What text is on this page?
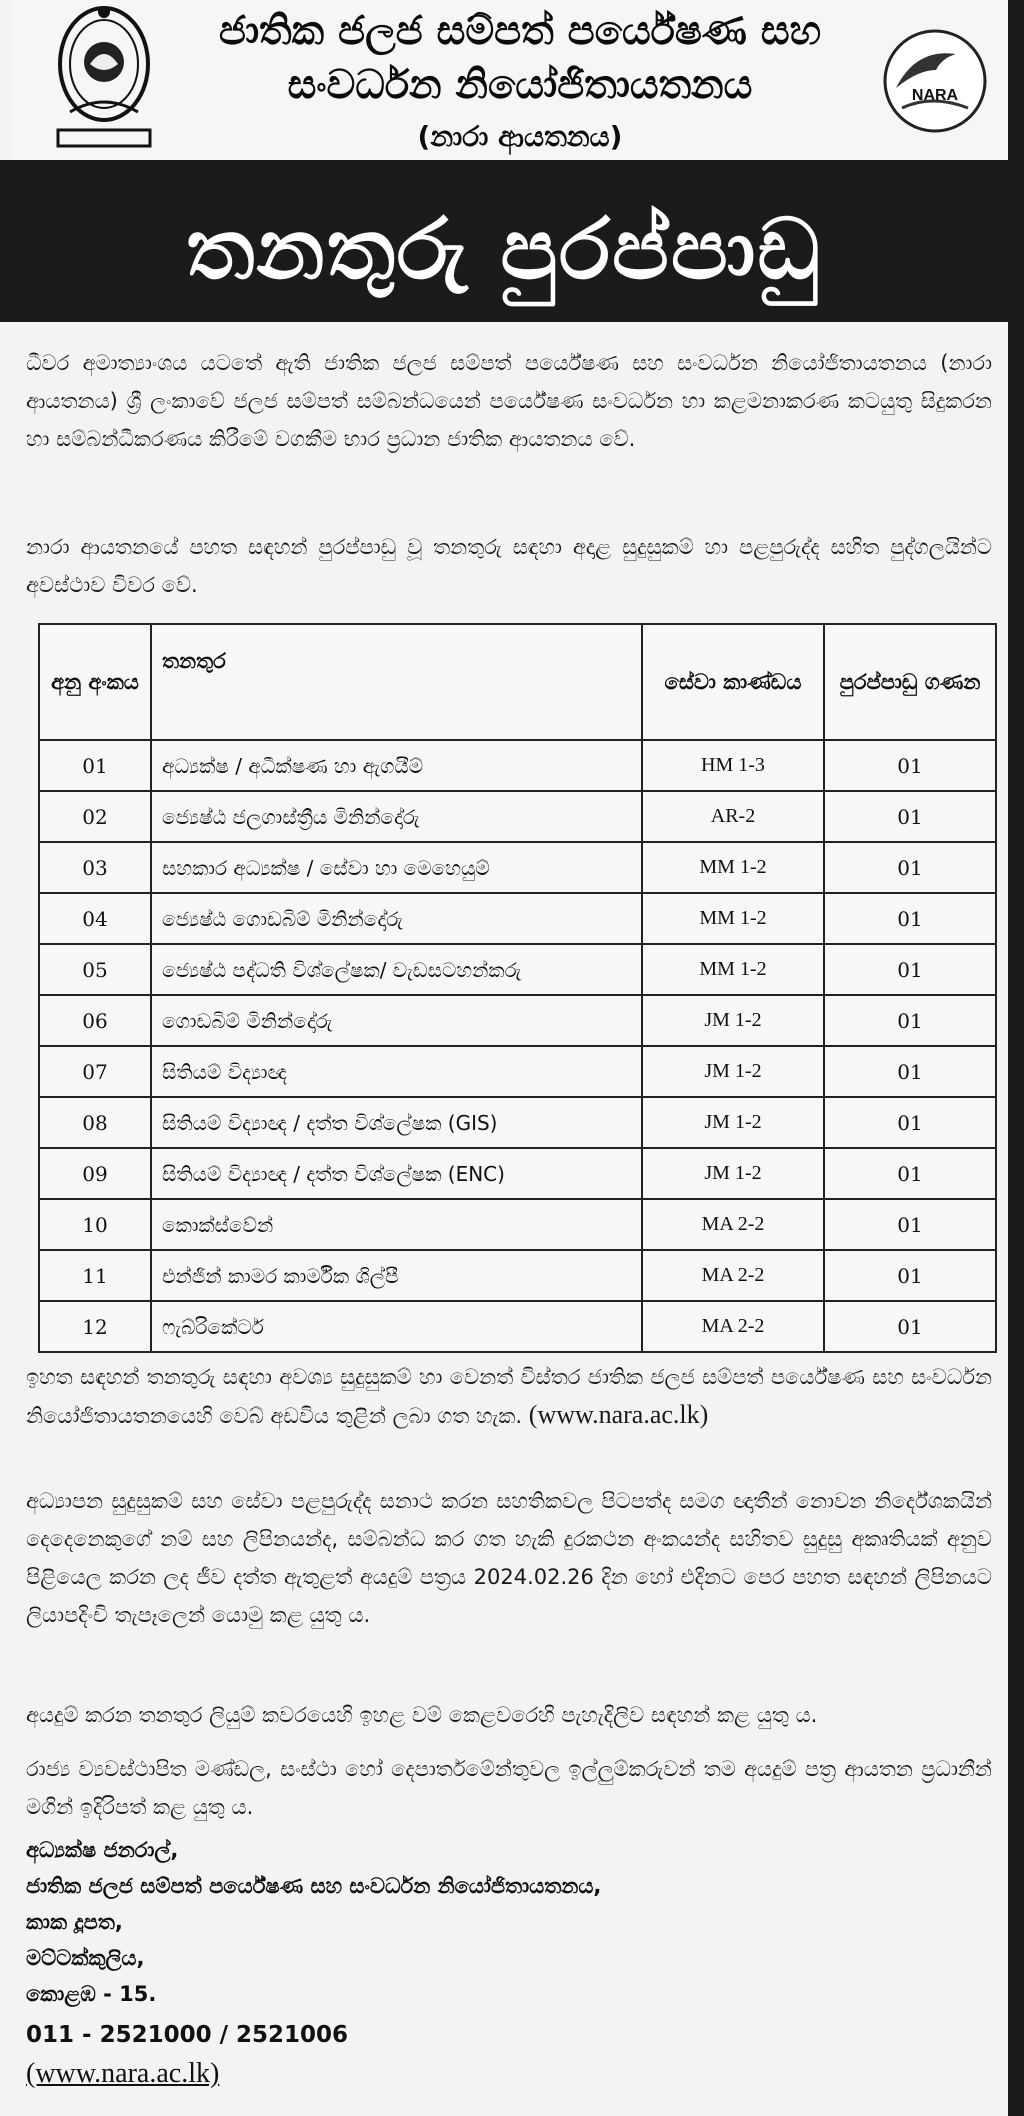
ජාතික ජලජ සම්පත් පර්යේෂණ සහ
සංවර්ධන නියෝජිතායතනය
(නාරා ආයතනය)
NARA
තනතුරු පුරප්පාඩු
ධීවර අමාත්‍යාංශය යටතේ ඇති ජාතික ජලජ සම්පත් පර්යේෂණ සහ සංවර්ධන නියෝජිතායතනය (නාරා ආයතනය) ශ්‍රී ලංකාවේ ජලජ සම්පත් සම්බන්ධයෙන් පර්යේෂණ සංවර්ධන හා කළමනාකරණ කටයුතු සිදුකරන හා සම්බන්ධීකරණය කිරීමේ වගකීම භාර ප්‍රධාන ජාතික ආයතනය වේ.
නාරා ආයතනයේ පහත සඳහන් පුරප්පාඩු වූ තනතුරු සඳහා අදාළ සුදුසුකම් හා පළපුරුද්ද සහිත පුද්ගලයින්ට අවස්ථාව විවර වේ.
අනු අංකය	තනතුර	සේවා කාණ්ඩය	පුරප්පාඩු ගණන
01	අධ්‍යක්ෂ / අධීක්ෂණ හා ඇගයීම්	HM 1-3	01
02	ජ්‍යෙෂ්ඨ ජලගාස්ත්‍රීය මිනින්දෝරු	AR-2	01
03	සහකාර අධ්‍යක්ෂ / සේවා හා මෙහෙයුම්	MM 1-2	01
04	ජ්‍යෙෂ්ඨ ගොඩබිම් මිනින්දෝරු	MM 1-2	01
05	ජ්‍යෙෂ්ඨ පද්ධති විශ්ලේෂක/ වැඩසටහන්කරු	MM 1-2	01
06	ගොඩබිම් මිනින්දෝරු	JM 1-2	01
07	සිතියම් විද්‍යාඥ	JM 1-2	01
08	සිතියම් විද්‍යාඥ / දත්ත විශ්ලේෂක (GIS)	JM 1-2	01
09	සිතියම් විද්‍යාඥ / දත්ත විශ්ලේෂක (ENC)	JM 1-2	01
10	කොක්ස්වේන්	MA 2-2	01
11	එන්ජින් කාමර කාර්මික ශිල්පී	MA 2-2	01
12	ෆැබ්රිකේටර්	MA 2-2	01
ඉහත සඳහන් තනතුරු සඳහා අවශ්‍ය සුදුසුකම් හා වෙනත් විස්තර ජාතික ජලජ සම්පත් පර්යේෂණ සහ සංවර්ධන නියෝජිතායතනයෙහි වෙබ් අඩවිය තුළින් ලබා ගත හැක. (www.nara.ac.lk)
අධ්‍යාපන සුදුසුකම් සහ සේවා පළපුරුද්ද සනාථ කරන සහතිකවල පිටපත්ද සමග ඥාතීන් නොවන නිර්දේශකයින් දෙදෙනෙකුගේ නම් සහ ලිපිනයන්ද, සම්බන්ධ කර ගත හැකි දුරකථන අංකයන්ද සහිතව සුදුසු අකෘතියක් අනුව පිළියෙල කරන ලද ජීව දත්ත ඇතුළත් අයදුම් පත්‍රය 2024.02.26 දින හෝ එදිනට පෙර පහත සඳහන් ලිපිනයට ලියාපදිංචි තැපෑලෙන් යොමු කළ යුතු ය.
අයදුම් කරන තනතුර ලියුම් කවරයෙහි ඉහළ වම් කෙළවරෙහි පැහැදිලිව සඳහන් කළ යුතු ය.
රාජ්‍ය ව්‍යවස්ථාපිත මණ්ඩල, සංස්ථා හෝ දෙපාර්තමේන්තුවල ඉල්ලුම්කරුවන් තම අයදුම් පත්‍ර ආයතන ප්‍රධානීන් මගින් ඉදිරිපත් කළ යුතු ය.
අධ්‍යක්ෂ ජනරාල්,
ජාතික ජලජ සම්පත් පර්යේෂණ සහ සංවර්ධන නියෝජිතායතනය,
කාක දූපත,
මට්ටක්කුලිය,
කොළඹ - 15.
011 - 2521000 / 2521006
(www.nara.ac.lk)
